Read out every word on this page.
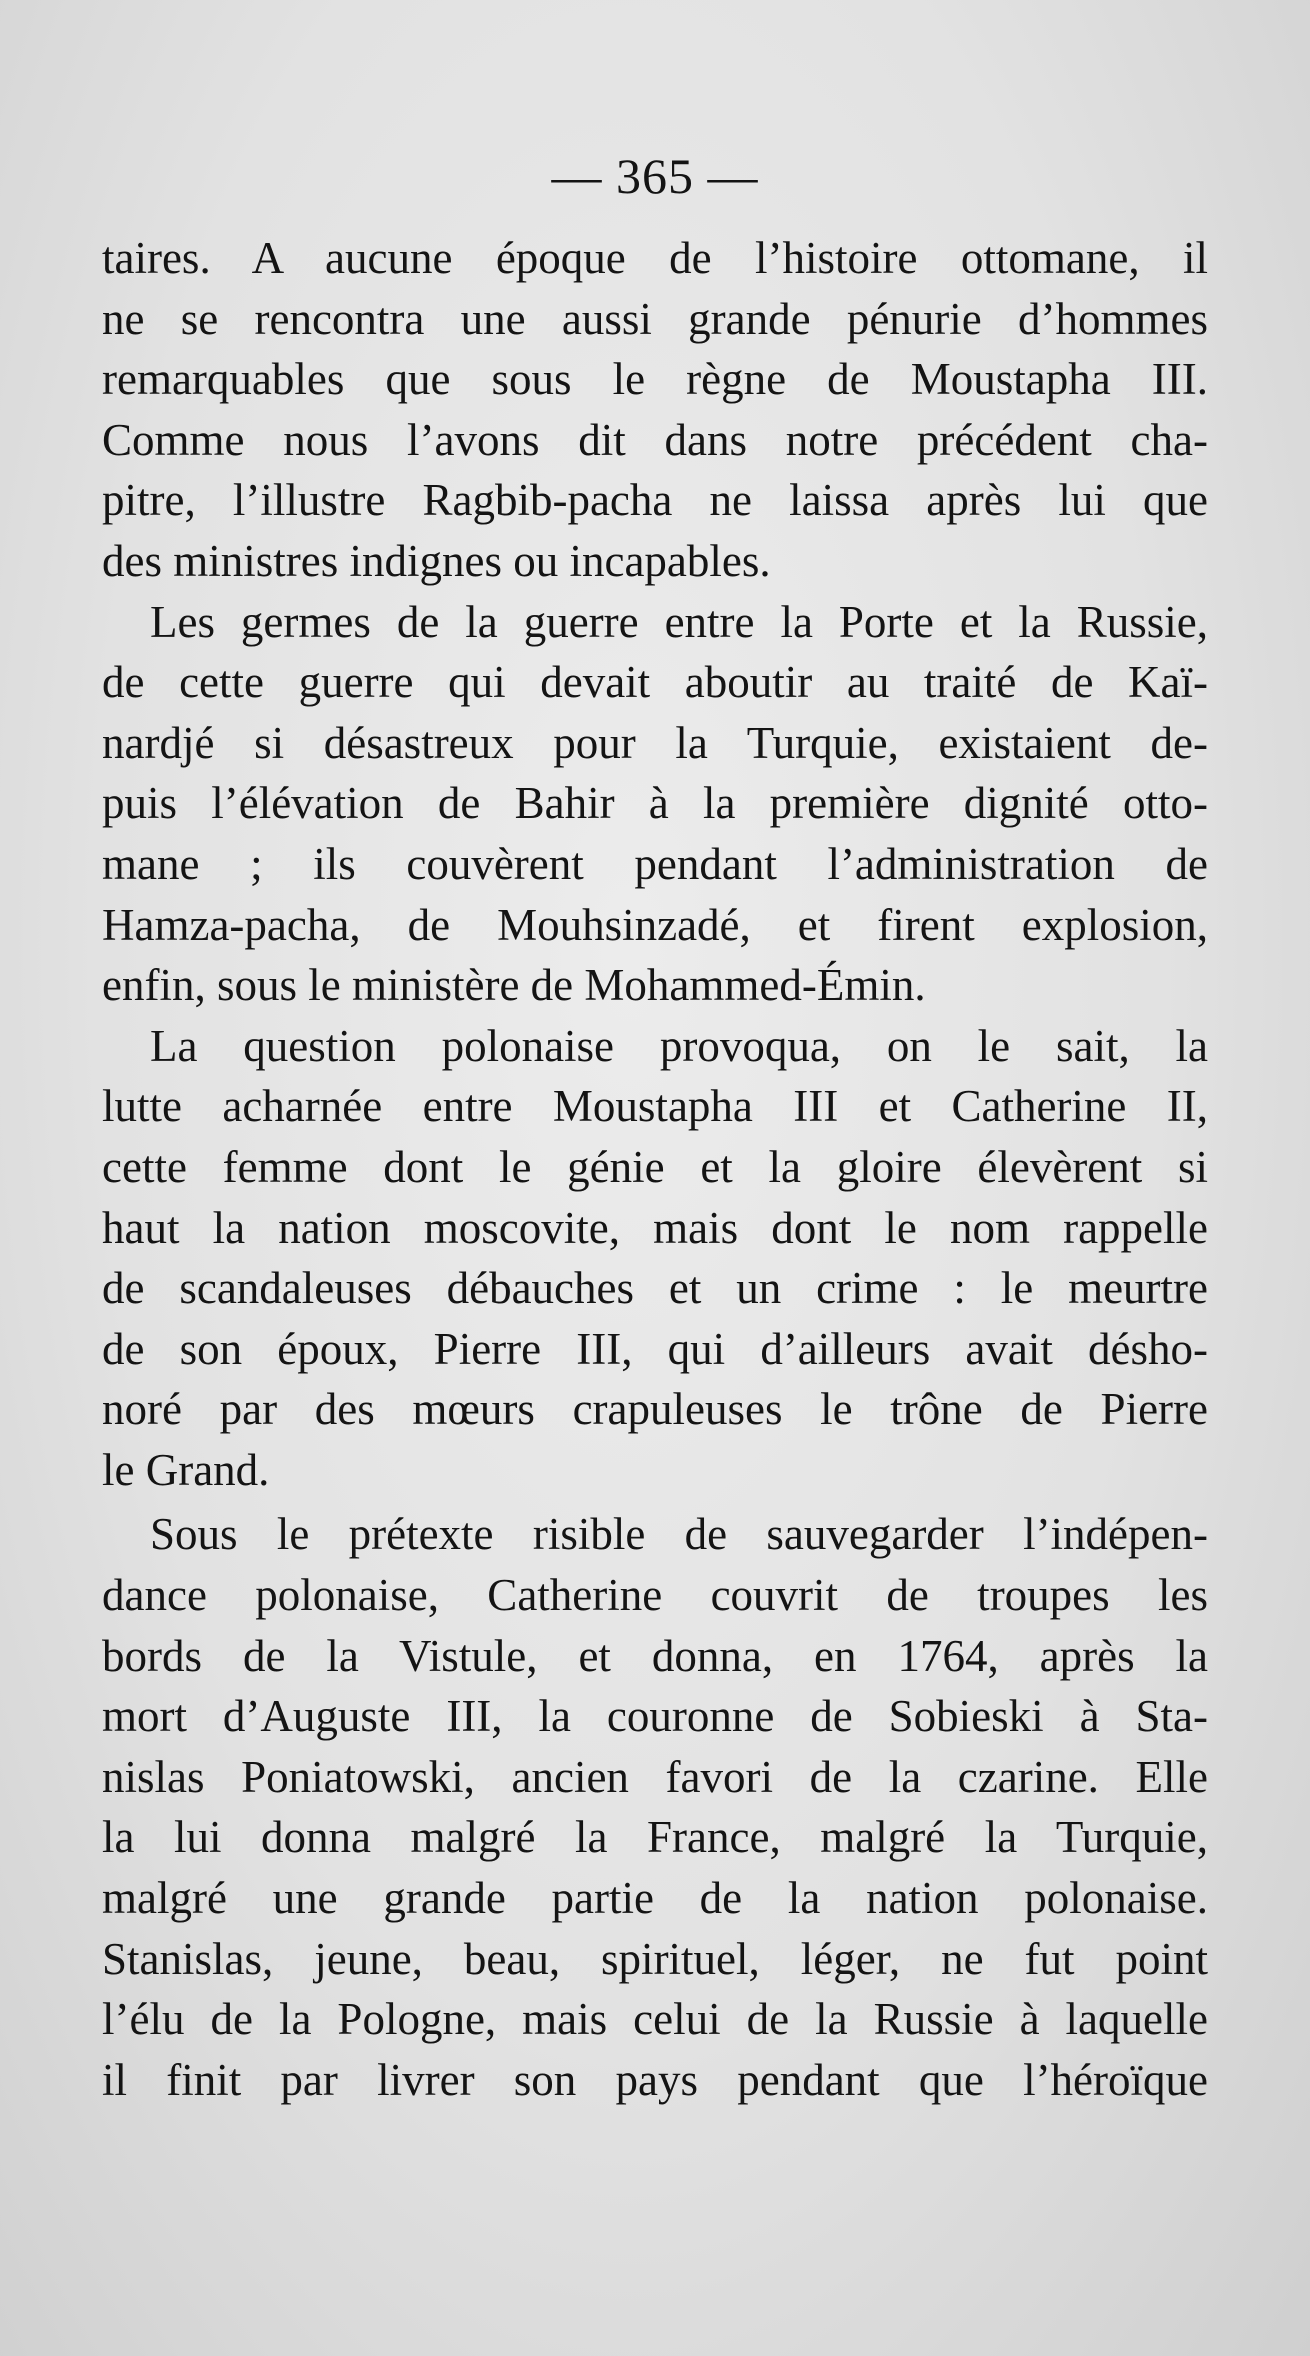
— 365 —

taires. A aucune époque de l’histoire ottomane, il
ne se rencontra une aussi grande pénurie d’hommes
remarquables que sous le règne de Moustapha III.
Comme nous l’avons dit dans notre précédent cha-
pitre, l’illustre Ragbib-pacha ne laissa après lui que
des ministres indignes ou incapables.

Les germes de la guerre entre la Porte et la Russie,
de cette guerre qui devait aboutir au traité de Kaï-
nardjé si désastreux pour la Turquie, existaient de-
puis l’élévation de Bahir à la première dignité otto-
mane ; ils couvèrent pendant l’administration de
Hamza-pacha, de Mouhsinzadé, et firent explosion,
enfin, sous le ministère de Mohammed-Émin.

La question polonaise provoqua, on le sait, la
lutte acharnée entre Moustapha III et Catherine II,
cette femme dont le génie et la gloire élevèrent si
haut la nation moscovite, mais dont le nom rappelle
de scandaleuses débauches et un crime : le meurtre
de son époux, Pierre III, qui d’ailleurs avait désho-
noré par des mœurs crapuleuses le trône de Pierre
le Grand.

Sous le prétexte risible de sauvegarder l’indépen-
dance polonaise, Catherine couvrit de troupes les
bords de la Vistule, et donna, en 1764, après la
mort d’Auguste III, la couronne de Sobieski à Sta-
nislas Poniatowski, ancien favori de la czarine. Elle
la lui donna malgré la France, malgré la Turquie,
malgré une grande partie de la nation polonaise.
Stanislas, jeune, beau, spirituel, léger, ne fut point
l’élu de la Pologne, mais celui de la Russie à laquelle
il finit par livrer son pays pendant que l’héroïque
